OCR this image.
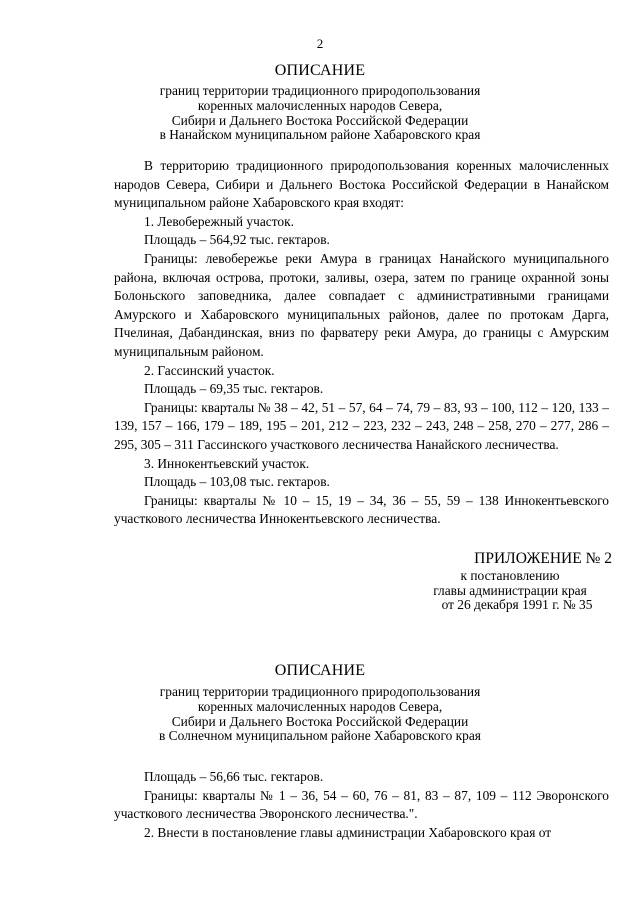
2
ОПИСАНИЕ
границ территории традиционного природопользования
коренных малочисленных народов Севера,
Сибири и Дальнего Востока Российской Федерации
в Нанайском муниципальном районе Хабаровского края

В территорию традиционного природопользования коренных малочисленных народов Севера, Сибири и Дальнего Востока Российской Федерации в Нанайском муниципальном районе Хабаровского края входят:

1. Левобережный участок.

Площадь – 564,92 тыс. гектаров.

Границы: левобережье реки Амура в границах Нанайского муниципального района, включая острова, протоки, заливы, озера, затем по границе охранной зоны Болоньского заповедника, далее совпадает с административными границами Амурского и Хабаровского муниципальных районов, далее по протокам Дарга, Пчелиная, Дабандинская, вниз по фарватеру реки Амура, до границы с Амурским муниципальным районом.

2. Гассинский участок.

Площадь – 69,35 тыс. гектаров.

Границы: кварталы № 38 – 42, 51 – 57, 64 – 74, 79 – 83, 93 – 100, 112 – 120, 133 – 139, 157 – 166, 179 – 189, 195 – 201, 212 – 223, 232 – 243, 248 – 258, 270 – 277, 286 – 295, 305 – 311 Гассинского участкового лесничества Нанайского лесничества.

3. Иннокентьевский участок.

Площадь – 103,08 тыс. гектаров.

Границы: кварталы № 10 – 15, 19 – 34, 36 – 55, 59 – 138 Иннокентьевского участкового лесничества Иннокентьевского лесничества.

ПРИЛОЖЕНИЕ № 2
к постановлению
главы администрации края
от 26 декабря 1991 г. № 35
ОПИСАНИЕ
границ территории традиционного природопользования
коренных малочисленных народов Севера,
Сибири и Дальнего Востока Российской Федерации
в Солнечном муниципальном районе Хабаровского края

Площадь – 56,66 тыс. гектаров.

Границы: кварталы № 1 – 36, 54 – 60, 76 – 81, 83 – 87, 109 – 112 Эворонского участкового лесничества Эворонского лесничества.".

2. Внести в постановление главы администрации Хабаровского края от
